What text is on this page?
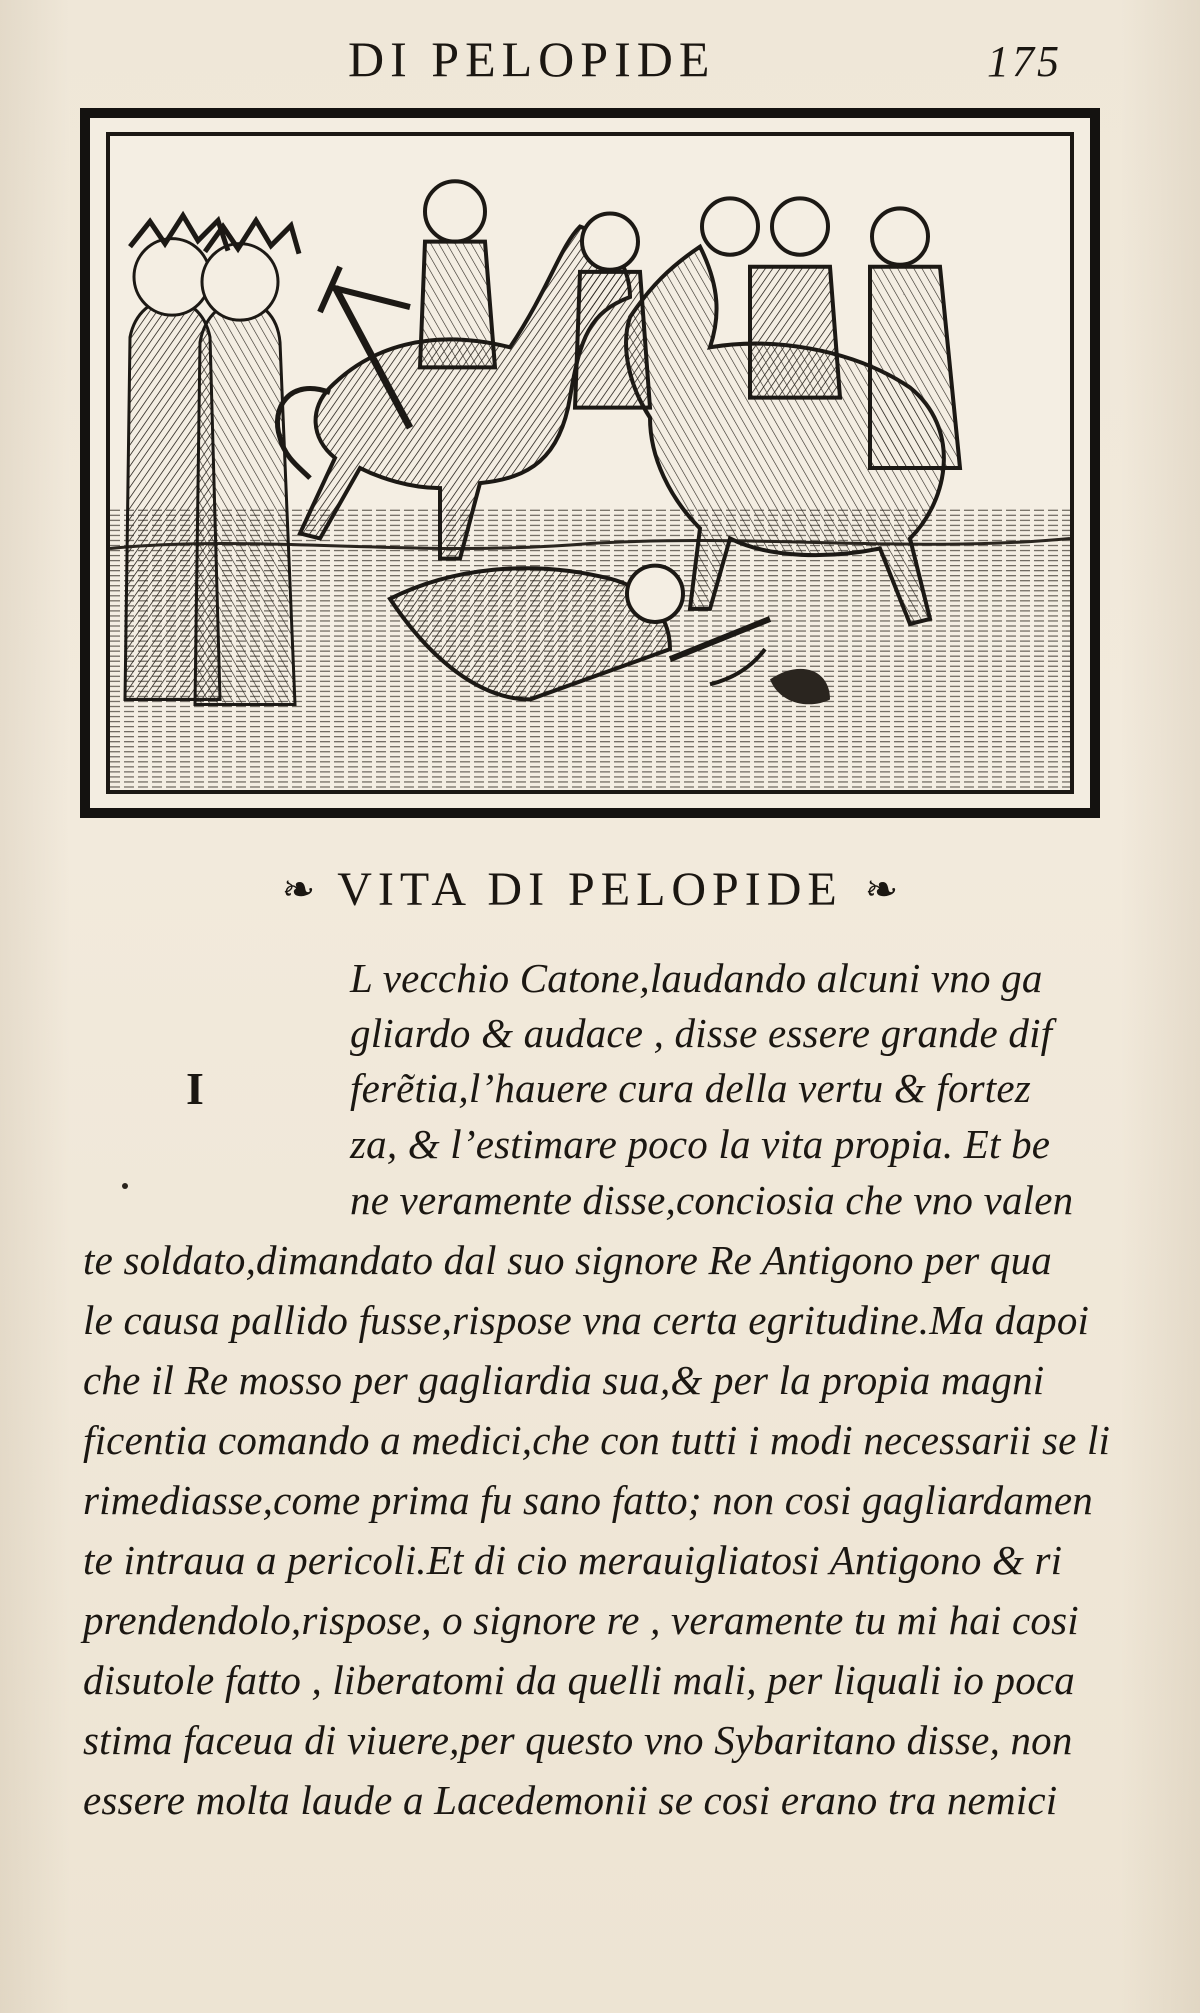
DI PELOPIDE	175
❧ VITA DI PELOPIDE ❧
I
L vecchio Catone,laudando alcuni vno ga
gliardo & audace , disse essere grande dif
ferẽtia,l’hauere cura della vertu & fortez
za, & l’estimare poco la vita propia. Et be
ne veramente disse,conciosia che vno valen
te soldato,dimandato dal suo signore Re Antigono per qua
le causa pallido fusse,rispose vna certa egritudine.Ma dapoi
che il Re mosso per gagliardia sua,& per la propia magni
ficentia comando a medici,che con tutti i modi necessarii se li
rimediasse,come prima fu sano fatto; non cosi gagliardamen
te intraua a pericoli.Et di cio merauigliatosi Antigono & ri
prendendolo,rispose, o signore re , veramente tu mi hai cosi
disutole fatto , liberatomi da quelli mali, per liquali io poca
stima faceua di viuere,per questo vno Sybaritano disse, non
essere molta laude a Lacedemonii se cosi erano tra nemici
